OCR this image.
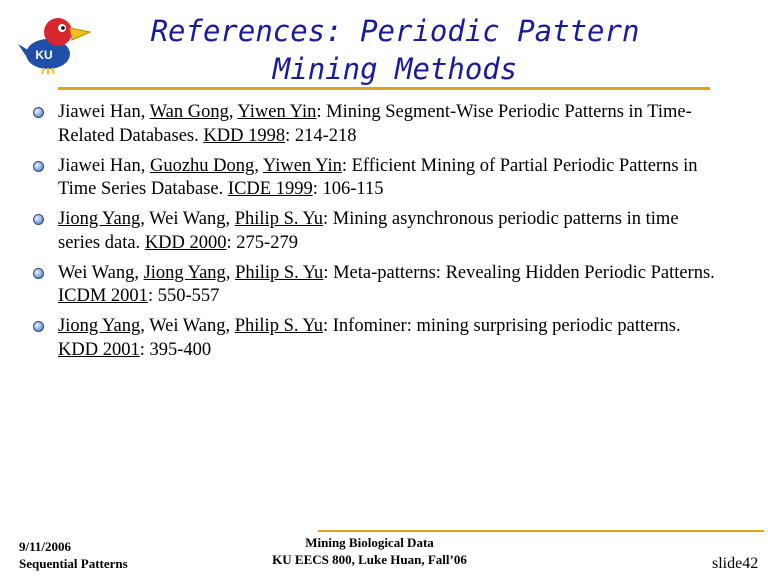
KU
References: Periodic Pattern Mining Methods
Jiawei Han, Wan Gong, Yiwen Yin: Mining Segment-Wise Periodic Patterns in Time-Related Databases. KDD 1998: 214-218
Jiawei Han, Guozhu Dong, Yiwen Yin: Efficient Mining of Partial Periodic Patterns in Time Series Database. ICDE 1999: 106-115
Jiong Yang, Wei Wang, Philip S. Yu: Mining asynchronous periodic patterns in time series data. KDD 2000: 275-279
Wei Wang, Jiong Yang, Philip S. Yu: Meta-patterns: Revealing Hidden Periodic Patterns. ICDM 2001: 550-557
Jiong Yang, Wei Wang, Philip S. Yu: Infominer: mining surprising periodic patterns. KDD 2001: 395-400
9/11/2006
Sequential Patterns
Mining Biological Data
KU EECS 800, Luke Huan, Fall’06	slide42
